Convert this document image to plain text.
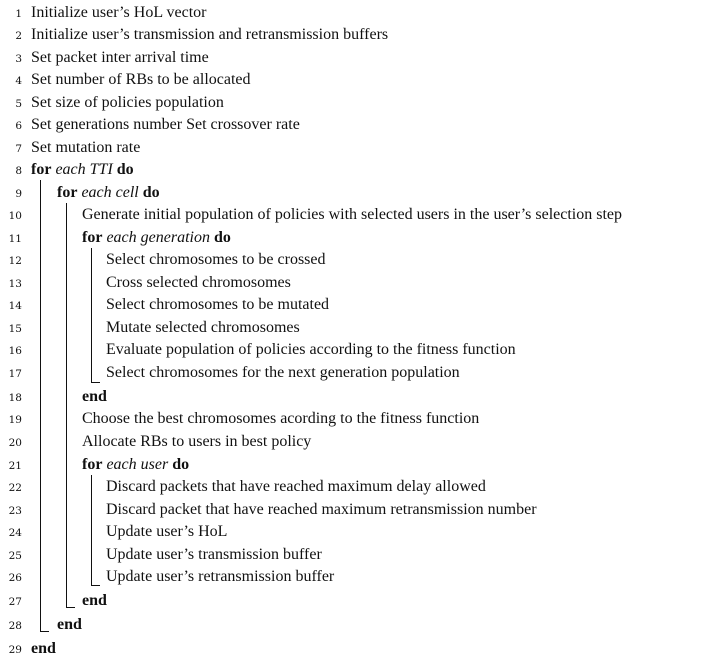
1 Initialize user’s HoL vector
2 Initialize user’s transmission and retransmission buffers
3 Set packet inter arrival time
4 Set number of RBs to be allocated
5 Set size of policies population
6 Set generations number Set crossover rate
7 Set mutation rate
8 for each TTI do
9 for each cell do
10	Generate initial population of policies with selected users in the user’s selection step
11	for each generation do
12	Select chromosomes to be crossed
13	Cross selected chromosomes
14	Select chromosomes to be mutated
15	Mutate selected chromosomes
16	Evaluate population of policies according to the fitness function
17	Select chromosomes for the next generation population
18	end
19	Choose the best chromosomes acording to the fitness function
20	Allocate RBs to users in best policy
21	for each user do
22	Discard packets that have reached maximum delay allowed
23	Discard packet that have reached maximum retransmission number
24	Update user’s HoL
25	Update user’s transmission buffer
26	Update user’s retransmission buffer
27	end
28 end
29 end
